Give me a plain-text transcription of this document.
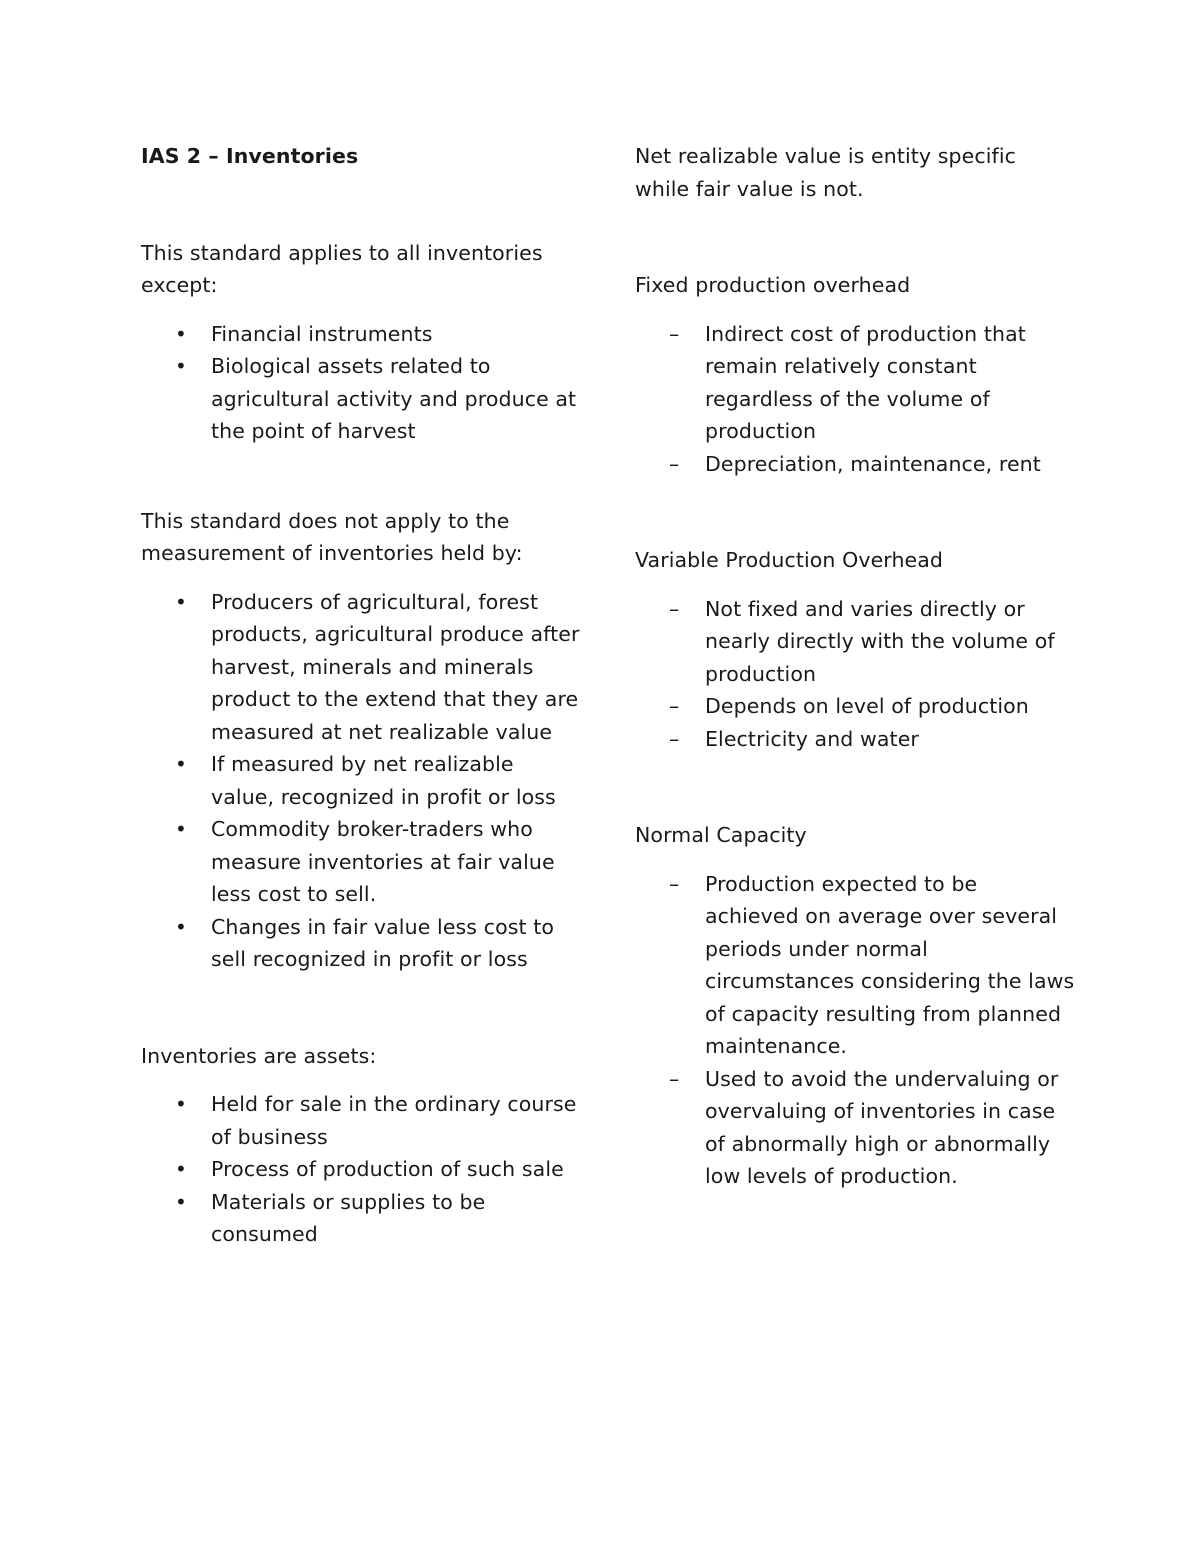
IAS 2 – Inventories

This standard applies to all inventories except:

• Financial instruments
• Biological assets related to agricultural activity and produce at the point of harvest

This standard does not apply to the measurement of inventories held by:

• Producers of agricultural, forest products, agricultural produce after harvest, minerals and minerals product to the extend that they are measured at net realizable value
• If measured by net realizable value, recognized in profit or loss
• Commodity broker-traders who measure inventories at fair value less cost to sell.
• Changes in fair value less cost to sell recognized in profit or loss

Inventories are assets:

• Held for sale in the ordinary course of business
• Process of production of such sale
• Materials or supplies to be consumed

Net realizable value is entity specific while fair value is not.

Fixed production overhead

– Indirect cost of production that remain relatively constant regardless of the volume of production
– Depreciation, maintenance, rent

Variable Production Overhead

– Not fixed and varies directly or nearly directly with the volume of production
– Depends on level of production
– Electricity and water

Normal Capacity

– Production expected to be achieved on average over several periods under normal circumstances considering the laws of capacity resulting from planned maintenance.
– Used to avoid the undervaluing or overvaluing of inventories in case of abnormally high or abnormally low levels of production.
